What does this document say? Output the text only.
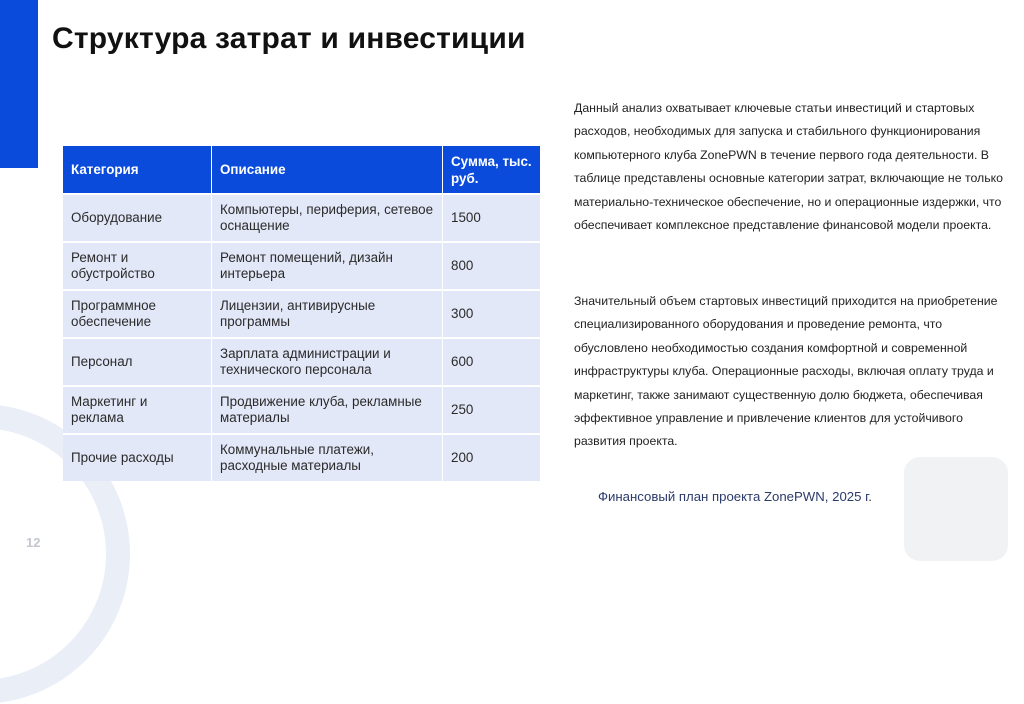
12
Структура затрат и инвестиции
Категория	Описание	Сумма, тыс. руб.
Оборудование	Компьютеры, периферия, сетевое оснащение	1500
Ремонт и обустройство	Ремонт помещений, дизайн интерьера	800
Программное обеспечение	Лицензии, антивирусные программы	300
Персонал	Зарплата администрации и технического персонала	600
Маркетинг и реклама	Продвижение клуба, рекламные материалы	250
Прочие расходы	Коммунальные платежи, расходные материалы	200

Данный анализ охватывает ключевые статьи инвестиций и стартовых расходов, необходимых для запуска и стабильного функционирования компьютерного клуба ZonePWN в течение первого года деятельности. В таблице представлены основные категории затрат, включающие не только материально-техническое обеспечение, но и операционные издержки, что обеспечивает комплексное представление финансовой модели проекта.

Значительный объем стартовых инвестиций приходится на приобретение специализированного оборудования и проведение ремонта, что обусловлено необходимостью создания комфортной и современной инфраструктуры клуба. Операционные расходы, включая оплату труда и маркетинг, также занимают существенную долю бюджета, обеспечивая эффективное управление и привлечение клиентов для устойчивого развития проекта.

Финансовый план проекта ZonePWN, 2025 г.
